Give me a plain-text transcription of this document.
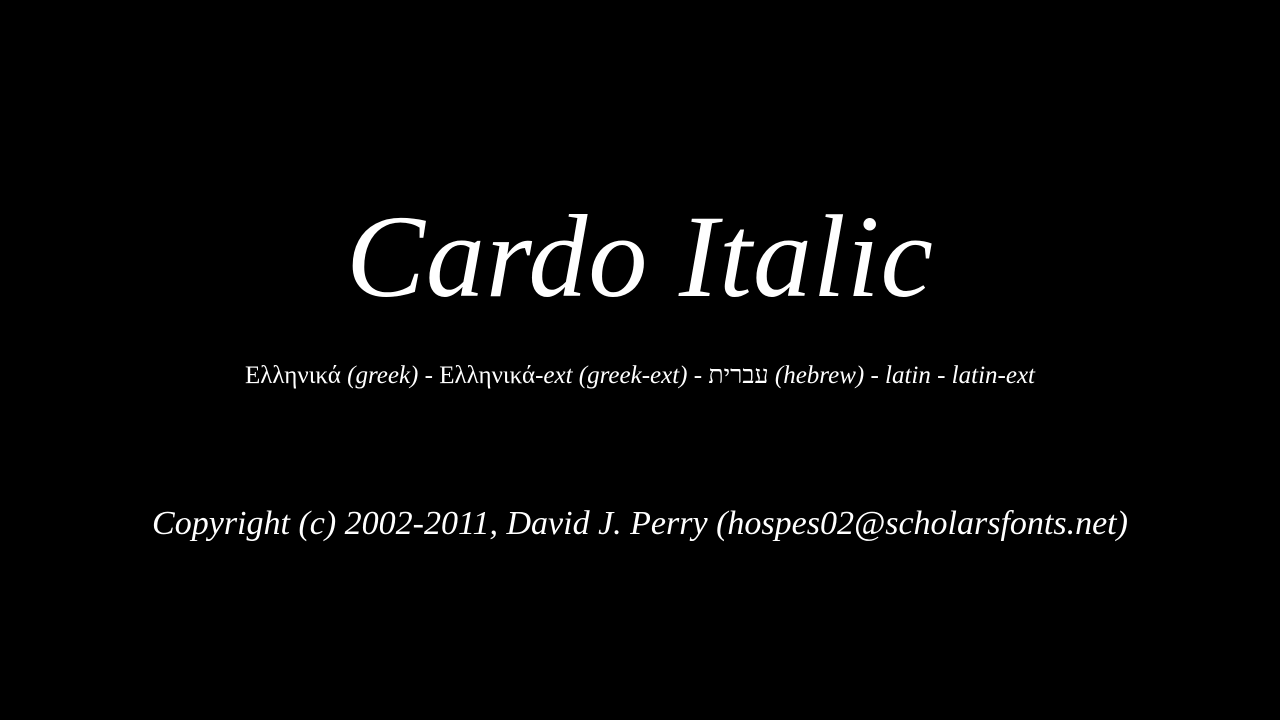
Cardo Italic
Ελληνικά (greek) - Ελληνικά-ext (greek-ext) - עברית (hebrew) - latin - latin-ext
Copyright (c) 2002-2011, David J. Perry (hospes02@scholarsfonts.net)
